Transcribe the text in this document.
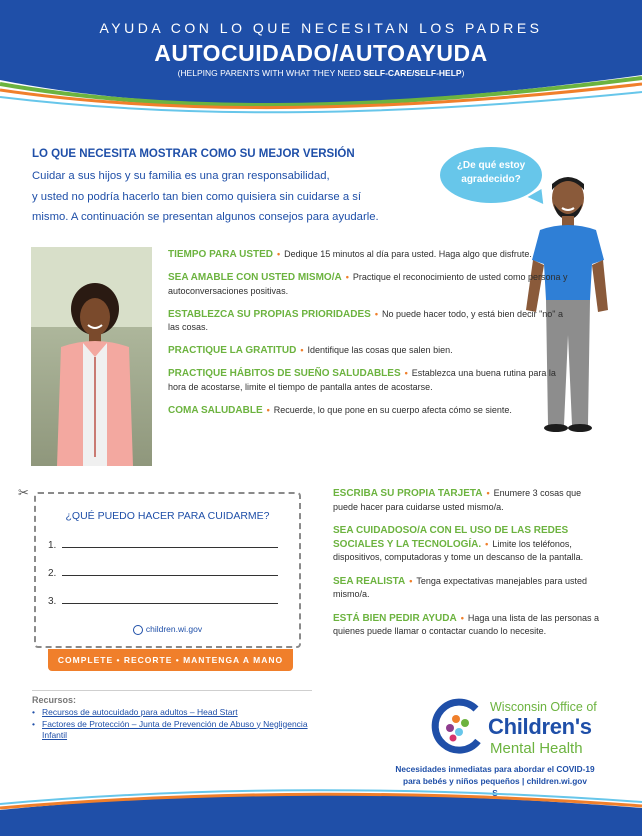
AYUDA CON LO QUE NECESITAN LOS PADRES
AUTOCUIDADO/AUTOAYUDA
(HELPING PARENTS WITH WHAT THEY NEED SELF-CARE/SELF-HELP)
LO QUE NECESITA MOSTRAR COMO SU MEJOR VERSIÓN
Cuidar a sus hijos y su familia es una gran responsabilidad,
y usted no podría hacerlo tan bien como quisiera sin cuidarse a sí
mismo. A continuación se presentan algunos consejos para ayudarle.
¿De qué estoy
agradecido?
TIEMPO PARA USTED • Dedique 15 minutos al día para usted. Haga algo que disfrute.
SEA AMABLE CON USTED MISMO/A • Practique el reconocimiento de usted como persona y autoconversaciones positivas.
ESTABLEZCA SU PROPIAS PRIORIDADES • No puede hacer todo, y está bien decir "no" a las cosas.
PRACTIQUE LA GRATITUD • Identifique las cosas que salen bien.
PRACTIQUE HÁBITOS DE SUEÑO SALUDABLES • Establezca una buena rutina para la hora de acostarse, limite el tiempo de pantalla antes de acostarse.
COMA SALUDABLE • Recuerde, lo que pone en su cuerpo afecta cómo se siente.
✂
¿QUÉ PUEDO HACER PARA CUIDARME?
1.
2.
3.
children.wi.gov
COMPLETE • RECORTE • MANTENGA A MANO
ESCRIBA SU PROPIA TARJETA • Enumere 3 cosas que puede hacer para cuidarse usted mismo/a.
SEA CUIDADOSO/A CON EL USO DE LAS REDES SOCIALES Y LA TECNOLOGÍA. • Limite los teléfonos, dispositivos, computadoras y tome un descanso de la pantalla.
SEA REALISTA • Tenga expectativas manejables para usted mismo/a.
ESTÁ BIEN PEDIR AYUDA • Haga una lista de las personas a quienes puede llamar o contactar cuando lo necesite.
Recursos:
• Recursos de autocuidado para adultos – Head Start
• Factores de Protección – Junta de Prevención de Abuso y Negligencia Infantil
Wisconsin Office of
Children's
Mental Health
Necesidades inmediatas para abordar el COVID-19
para bebés y niños pequeños | children.wi.gov
S
